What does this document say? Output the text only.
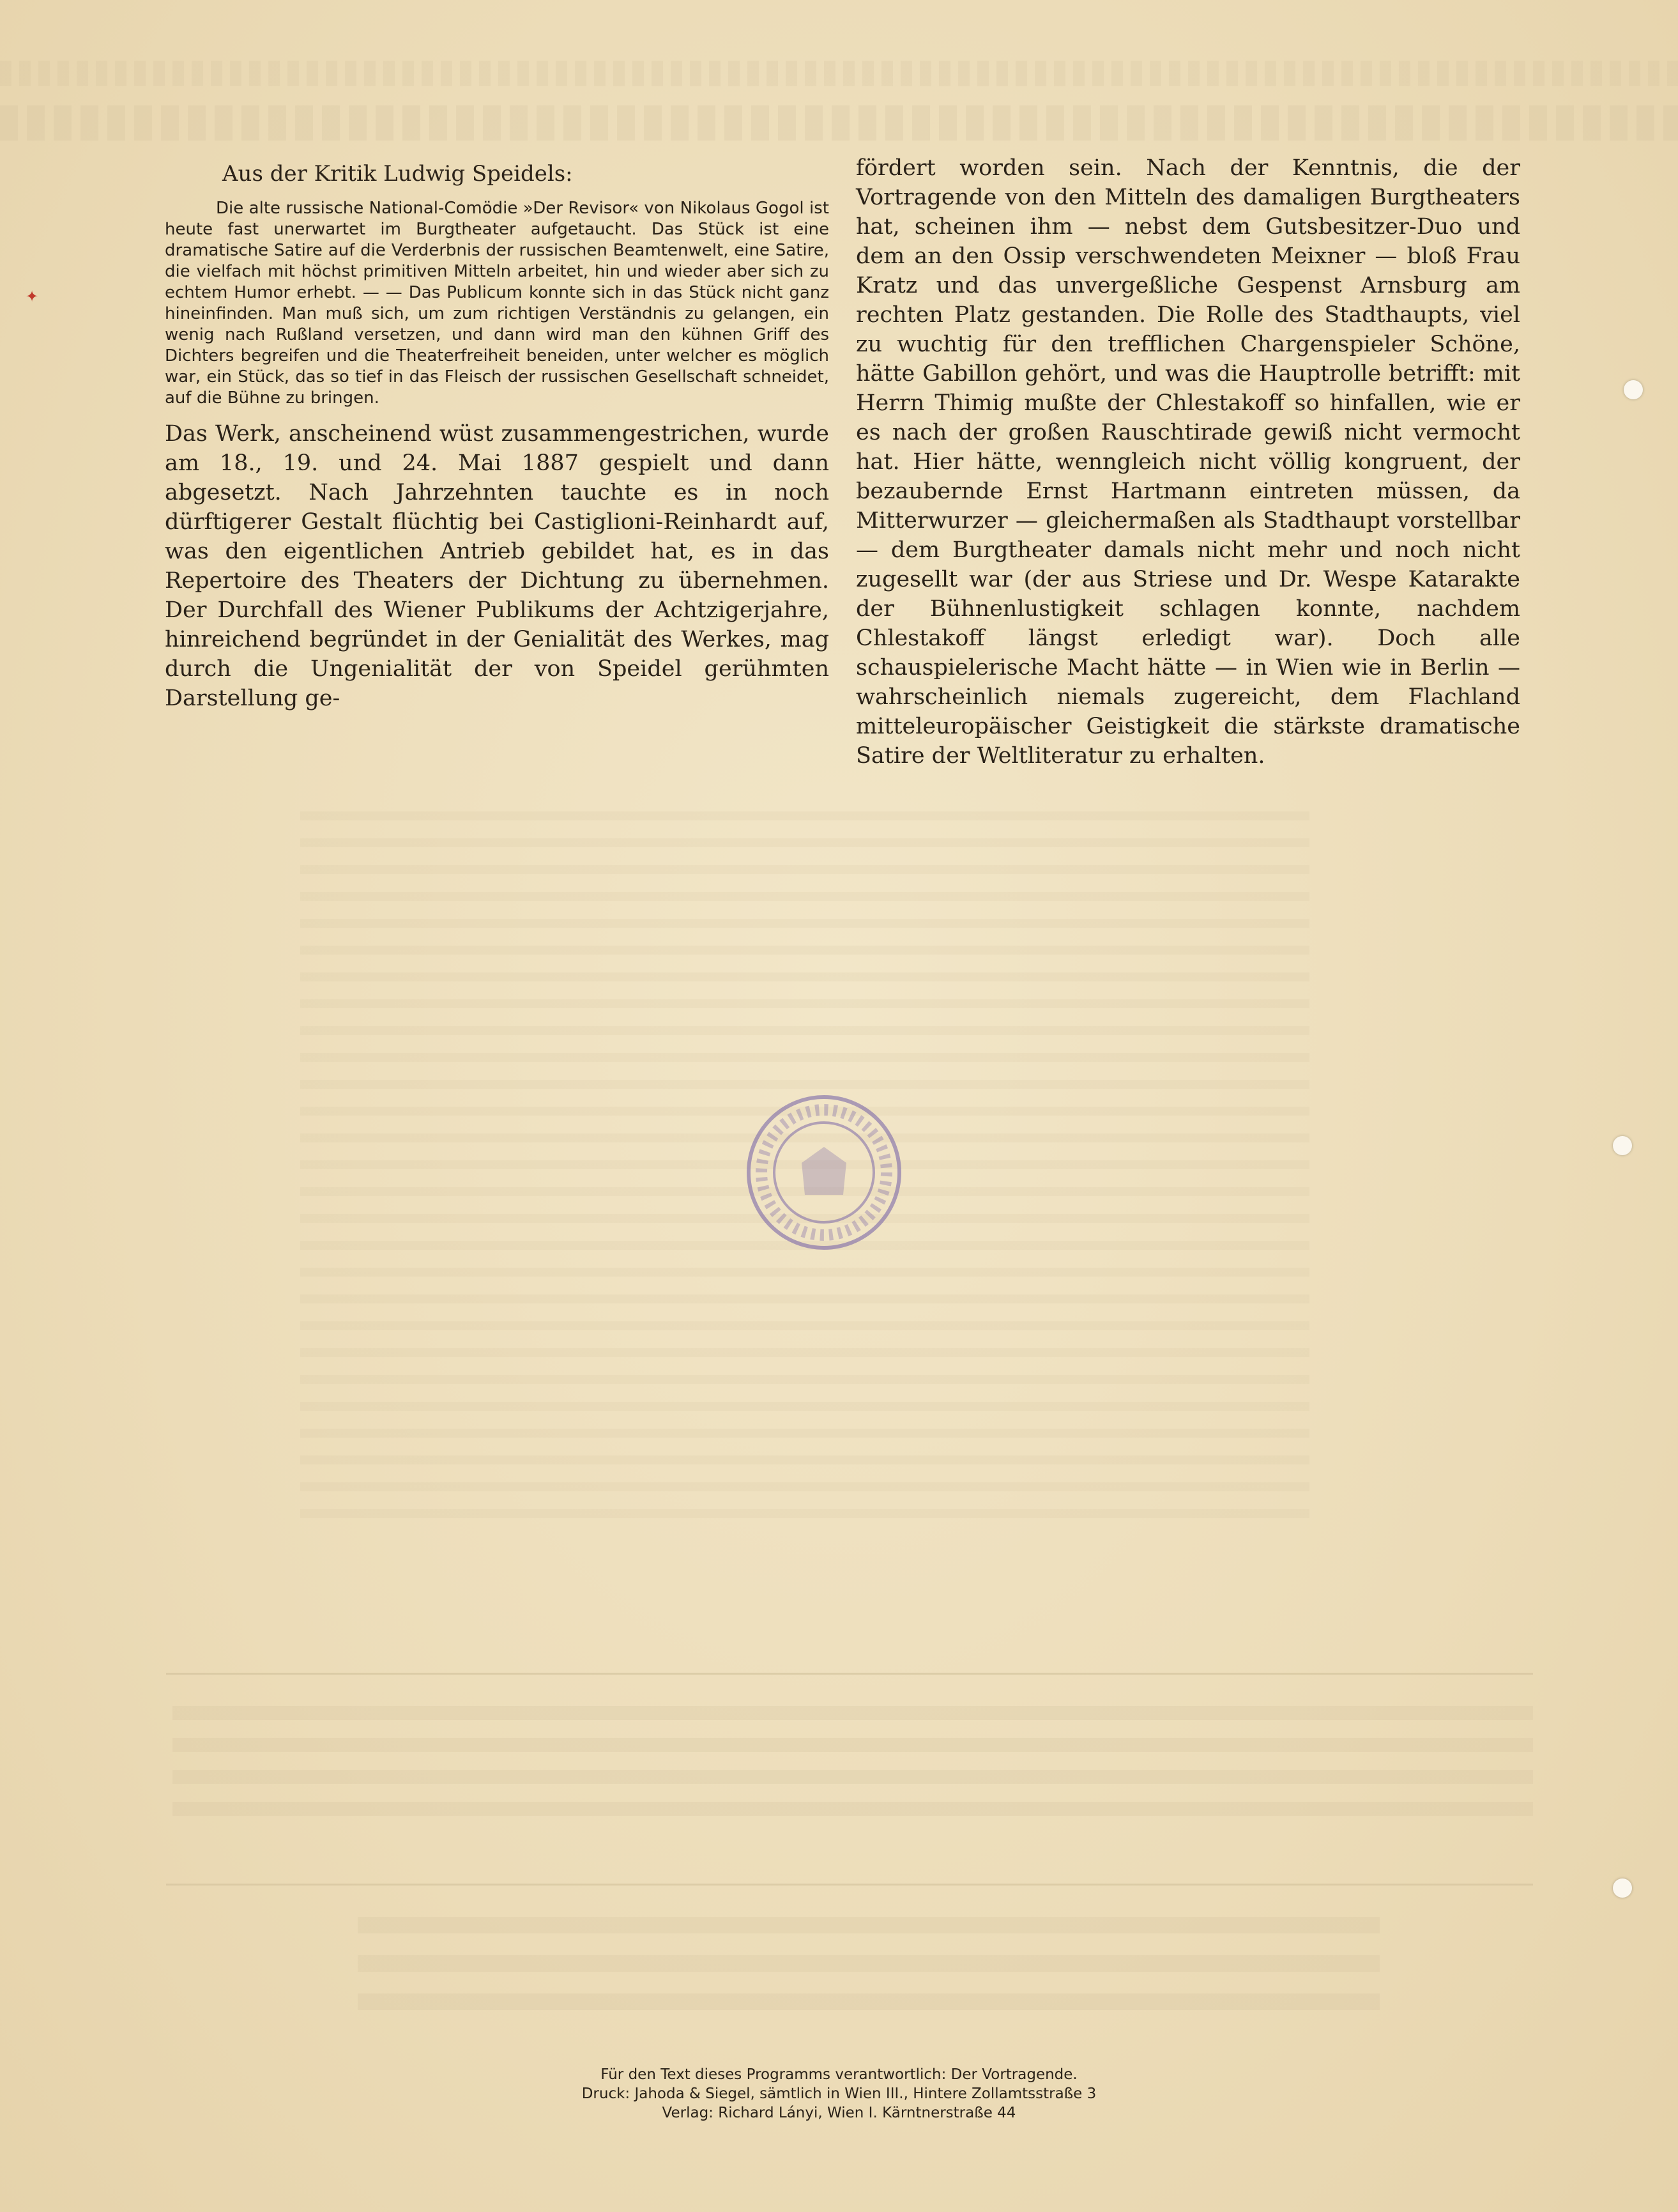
✦
Aus der Kritik Ludwig Speidels:

Die alte russische National-Comödie »Der Revisor« von Nikolaus Gogol ist heute fast unerwartet im Burgtheater aufgetaucht. Das Stück ist eine dramatische Satire auf die Verderbnis der russischen Beamtenwelt, eine Satire, die vielfach mit höchst primitiven Mitteln arbeitet, hin und wieder aber sich zu echtem Humor erhebt. — — Das Publicum konnte sich in das Stück nicht ganz hineinfinden. Man muß sich, um zum richtigen Verständnis zu gelangen, ein wenig nach Rußland versetzen, und dann wird man den kühnen Griff des Dichters begreifen und die Theaterfreiheit beneiden, unter welcher es möglich war, ein Stück, das so tief in das Fleisch der russischen Gesellschaft schneidet, auf die Bühne zu bringen.

Das Werk, anscheinend wüst zusammengestrichen, wurde am 18., 19. und 24. Mai 1887 gespielt und dann abgesetzt. Nach Jahrzehnten tauchte es in noch dürftigerer Gestalt flüchtig bei Castiglioni-Reinhardt auf, was den eigentlichen Antrieb gebildet hat, es in das Repertoire des Theaters der Dichtung zu übernehmen. Der Durchfall des Wiener Publikums der Achtzigerjahre, hinreichend begründet in der Genialität des Werkes, mag durch die Ungenialität der von Speidel gerühmten Darstellung ge-

fördert worden sein. Nach der Kenntnis, die der Vortragende von den Mitteln des damaligen Burgtheaters hat, scheinen ihm — nebst dem Gutsbesitzer-Duo und dem an den Ossip verschwendeten Meixner — bloß Frau Kratz und das unvergeßliche Gespenst Arnsburg am rechten Platz gestanden. Die Rolle des Stadthaupts, viel zu wuchtig für den trefflichen Chargenspieler Schöne, hätte Gabillon gehört, und was die Hauptrolle betrifft: mit Herrn Thimig mußte der Chlestakoff so hinfallen, wie er es nach der großen Rauschtirade gewiß nicht vermocht hat. Hier hätte, wenngleich nicht völlig kongruent, der bezaubernde Ernst Hartmann eintreten müssen, da Mitterwurzer — gleichermaßen als Stadthaupt vorstellbar — dem Burgtheater damals nicht mehr und noch nicht zugesellt war (der aus Striese und Dr. Wespe Katarakte der Bühnenlustigkeit schlagen konnte, nachdem Chlestakoff längst erledigt war). Doch alle schauspielerische Macht hätte — in Wien wie in Berlin — wahrscheinlich niemals zugereicht, dem Flachland mitteleuropäischer Geistigkeit die stärkste dramatische Satire der Weltliteratur zu erhalten.

Für den Text dieses Programms verantwortlich: Der Vortragende.
Druck: Jahoda & Siegel, sämtlich in Wien III., Hintere Zollamtsstraße 3
Verlag: Richard Lányi, Wien I. Kärntnerstraße 44
